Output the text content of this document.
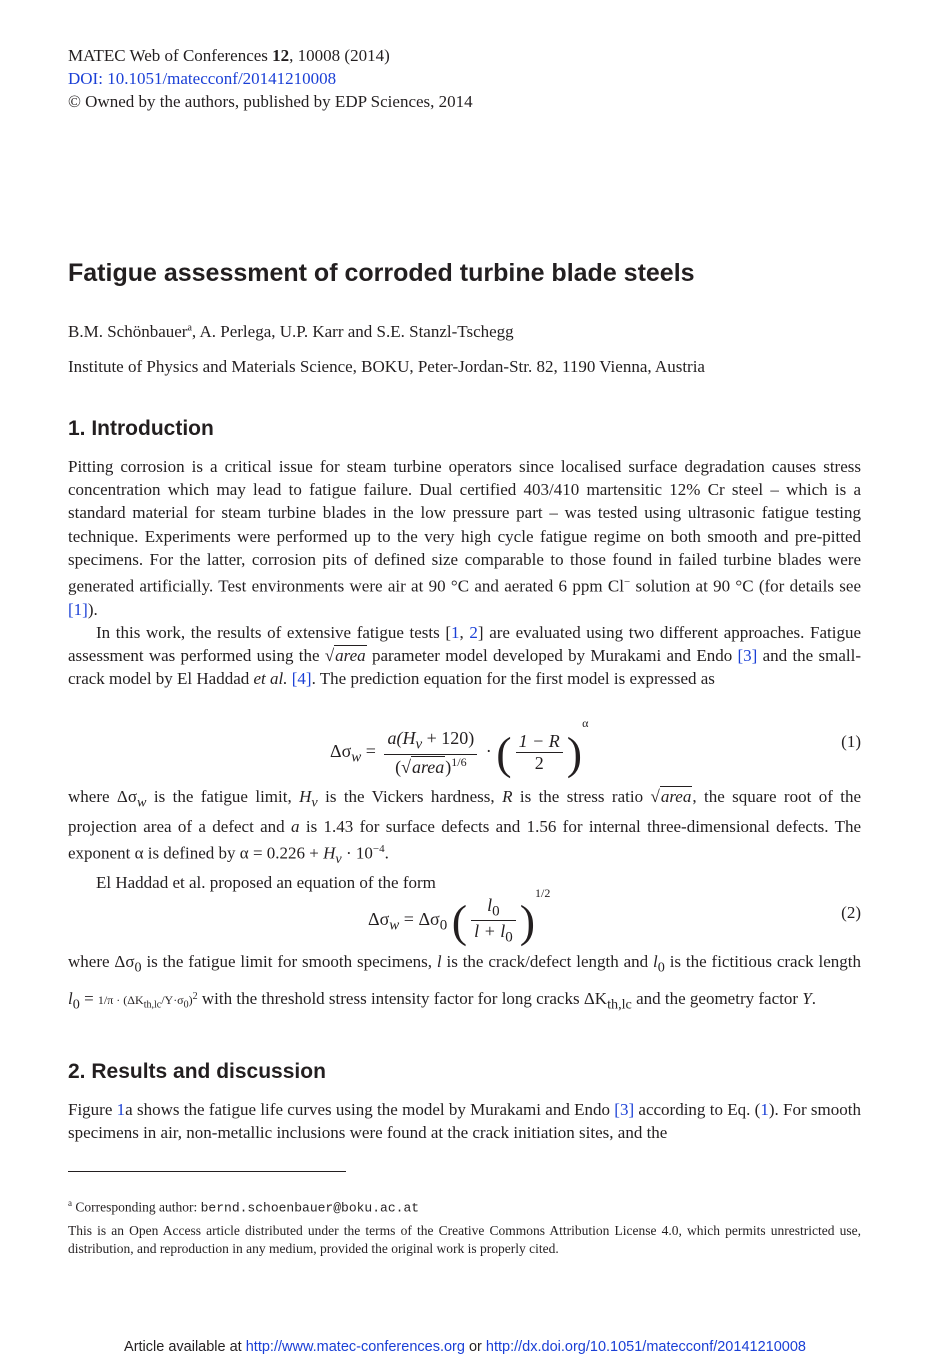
MATEC Web of Conferences 12, 10008 (2014)
DOI: 10.1051/matecconf/20141210008
© Owned by the authors, published by EDP Sciences, 2014
Fatigue assessment of corroded turbine blade steels
B.M. Schönbauer$^a$, A. Perlega, U.P. Karr and S.E. Stanzl-Tschegg
Institute of Physics and Materials Science, BOKU, Peter-Jordan-Str. 82, 1190 Vienna, Austria
1. Introduction

Pitting corrosion is a critical issue for steam turbine operators since localised surface degradation causes stress concentration which may lead to fatigue failure. Dual certified 403/410 martensitic 12% Cr steel – which is a standard material for steam turbine blades in the low pressure part – was tested using ultrasonic fatigue testing technique. Experiments were performed up to the very high cycle fatigue regime on both smooth and pre-pitted specimens. For the latter, corrosion pits of defined size comparable to those found in failed turbine blades were generated artificially. Test environments were air at 90 °C and aerated 6 ppm Cl− solution at 90 °C (for details see [1]).

In this work, the results of extensive fatigue tests [1, 2] are evaluated using two different approaches. Fatigue assessment was performed using the √area parameter model developed by Murakami and Endo [3] and the small-crack model by El Haddad et al. [4]. The prediction equation for the first model is expressed as

$\Delta\sigma_w = \frac{a(H_v + 120)}{(√area)^{1/6}}$ · ( $\frac{1 - R}{2} )^\alpha$
(1)

where $\Delta\sigma_w$ is the fatigue limit, $H_v$ is the Vickers hardness, R is the stress ratio √area, the square root of the projection area of a defect and a is 1.43 for surface defects and 1.56 for internal three-dimensional defects. The exponent α is defined by $\alpha = 0.226 + H_v \cdot 10^{-4}$.

El Haddad et al. proposed an equation of the form

$\Delta\sigma_w = \Delta\sigma_0$ ( $\frac{l_0}{l + l_0} )^{1/2}$
(2)

where $\Delta\sigma_0$ is the fatigue limit for smooth specimens, l is the crack/defect length and $l_0$ is the fictitious crack length $l_0 = 1/\pi \cdot (\Delta K_{th,lc}/Y\cdot\sigma_0)^2$ with the threshold stress intensity factor for long cracks $\Delta K_{th,lc}$ and the geometry factor Y.

2. Results and discussion

Figure 1a shows the fatigue life curves using the model by Murakami and Endo [3] according to Eq. (1). For smooth specimens in air, non-metallic inclusions were found at the crack initiation sites, and the

$^a$ Corresponding author: bernd.schoenbauer@boku.ac.at
This is an Open Access article distributed under the terms of the Creative Commons Attribution License 4.0, which permits unrestricted use, distribution, and reproduction in any medium, provided the original work is properly cited.
Article available at http://www.matec-conferences.org or http://dx.doi.org/10.1051/matecconf/20141210008
